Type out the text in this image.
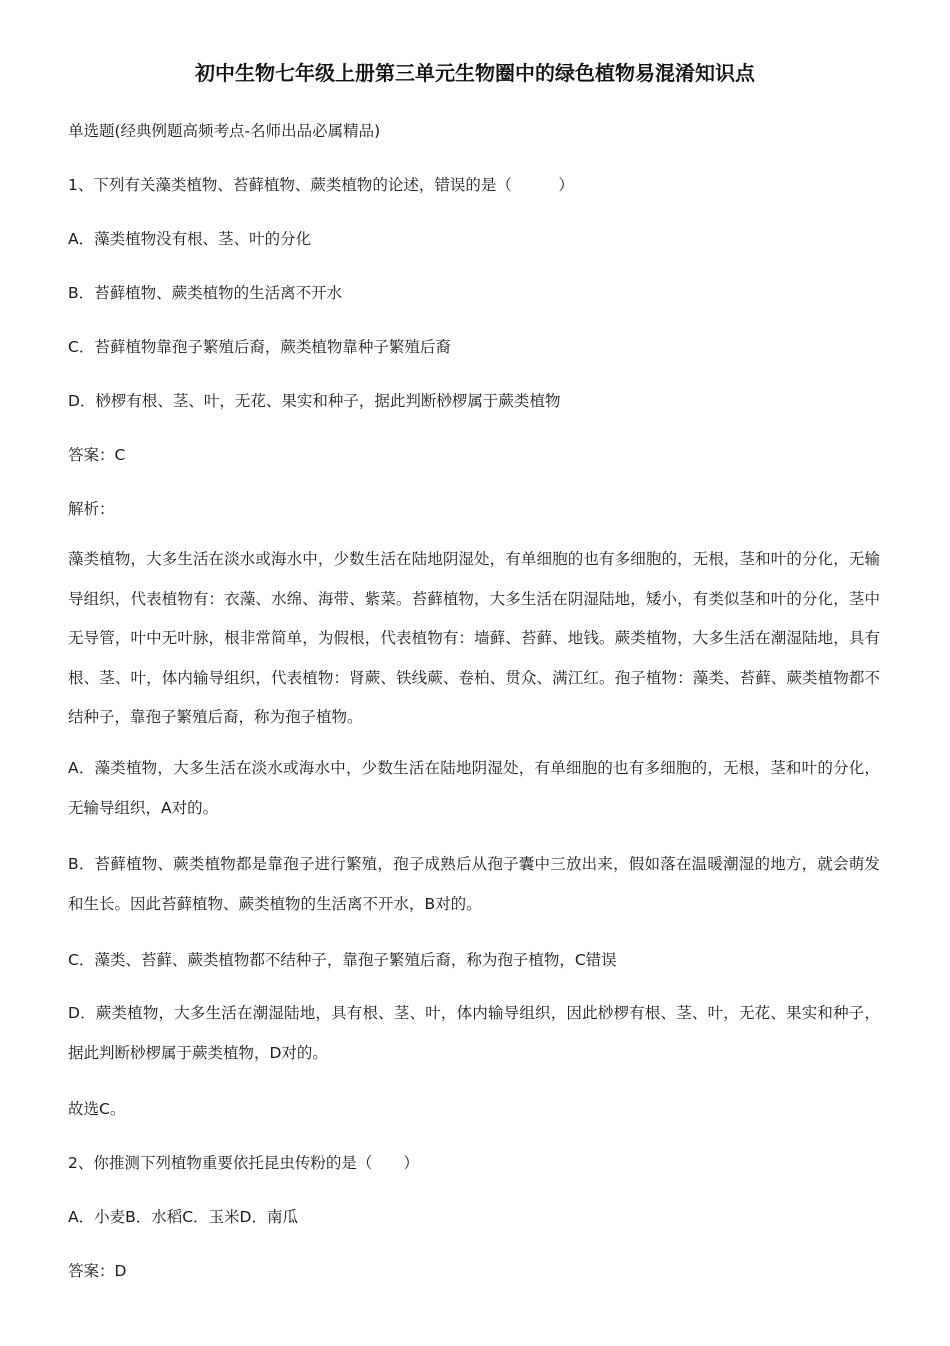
初中生物七年级上册第三单元生物圈中的绿色植物易混淆知识点

单选题(经典例题高频考点-名师出品必属精品)

1、下列有关藻类植物、苔藓植物、蕨类植物的论述，错误的是（　　　）

A．藻类植物没有根、茎、叶的分化

B．苔藓植物、蕨类植物的生活离不开水

C．苔藓植物靠孢子繁殖后裔，蕨类植物靠种子繁殖后裔

D．桫椤有根、茎、叶，无花、果实和种子，据此判断桫椤属于蕨类植物

答案：C

解析：

藻类植物，大多生活在淡水或海水中，少数生活在陆地阴湿处，有单细胞的也有多细胞的，无根，茎和叶的分化，无输导组织，代表植物有：衣藻、水绵、海带、紫菜。苔藓植物，大多生活在阴湿陆地，矮小，有类似茎和叶的分化，茎中无导管，叶中无叶脉，根非常简单，为假根，代表植物有：墙藓、苔藓、地钱。蕨类植物，大多生活在潮湿陆地，具有根、茎、叶，体内输导组织，代表植物：肾蕨、铁线蕨、卷柏、贯众、满江红。孢子植物：藻类、苔藓、蕨类植物都不结种子，靠孢子繁殖后裔，称为孢子植物。

A．藻类植物，大多生活在淡水或海水中，少数生活在陆地阴湿处，有单细胞的也有多细胞的，无根，茎和叶的分化，无输导组织，A对的。

B．苔藓植物、蕨类植物都是靠孢子进行繁殖，孢子成熟后从孢子囊中三放出来，假如落在温暖潮湿的地方，就会萌发和生长。因此苔藓植物、蕨类植物的生活离不开水，B对的。

C．藻类、苔藓、蕨类植物都不结种子，靠孢子繁殖后裔，称为孢子植物，C错误

D．蕨类植物，大多生活在潮湿陆地，具有根、茎、叶，体内输导组织，因此桫椤有根、茎、叶，无花、果实和种子，据此判断桫椤属于蕨类植物，D对的。

故选C。

2、你推测下列植物重要依托昆虫传粉的是（　　）

A．小麦B．水稻C．玉米D．南瓜

答案：D
